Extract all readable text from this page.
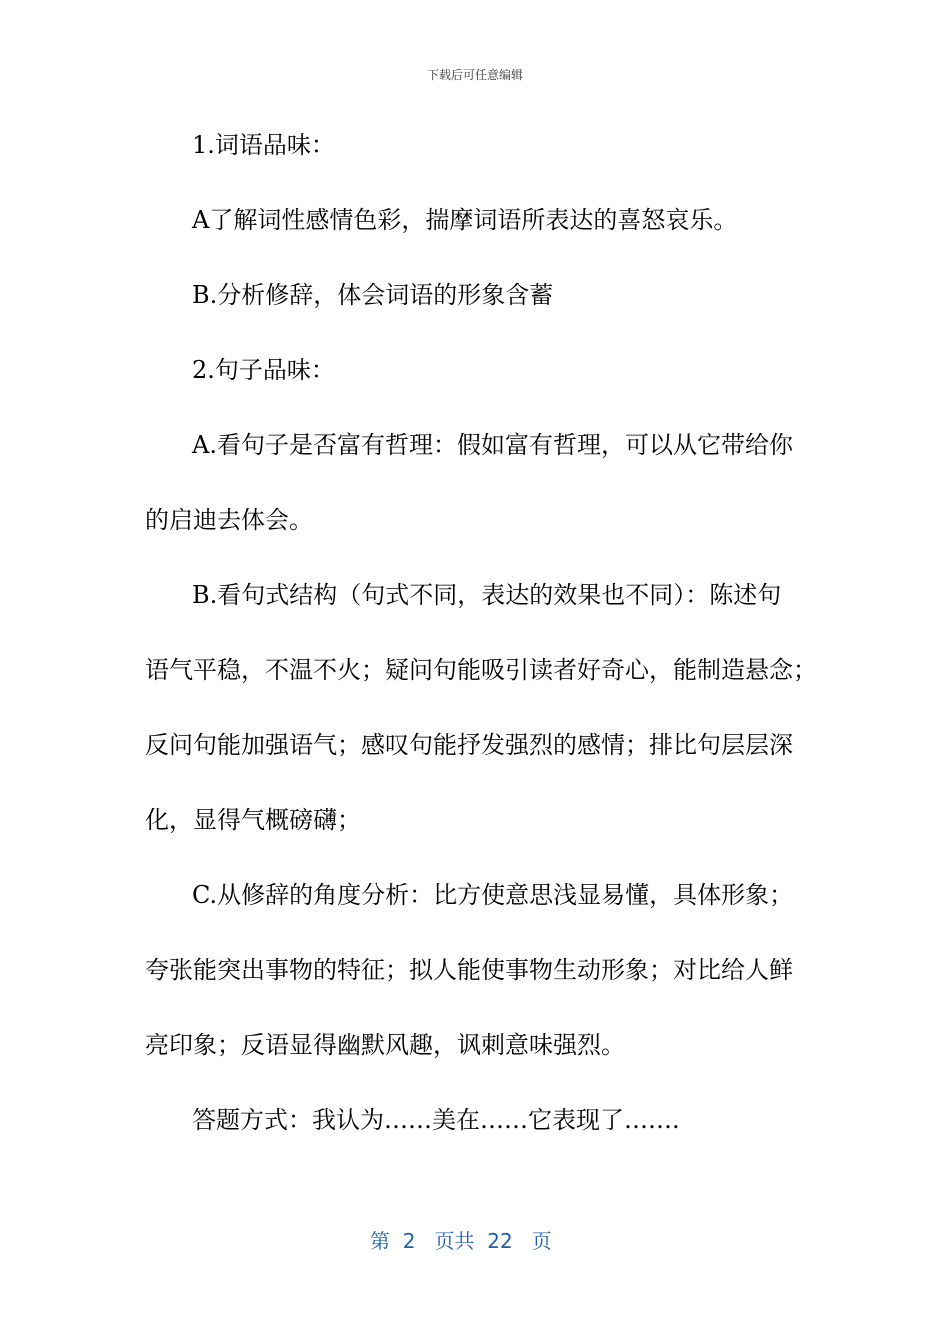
下载后可任意编辑
1.词语品味：
A了解词性感情色彩，揣摩词语所表达的喜怒哀乐。
B.分析修辞，体会词语的形象含蓄
2.句子品味：
A.看句子是否富有哲理：假如富有哲理，可以从它带给你
的启迪去体会。
B.看句式结构（句式不同，表达的效果也不同）：陈述句
语气平稳，不温不火；疑问句能吸引读者好奇心，能制造悬念；
反问句能加强语气；感叹句能抒发强烈的感情；排比句层层深
化，显得气概磅礴；
C.从修辞的角度分析：比方使意思浅显易懂，具体形象；
夸张能突出事物的特征；拟人能使事物生动形象；对比给人鲜
亮印象；反语显得幽默风趣，讽刺意味强烈。
答题方式：我认为……美在……它表现了…….
第 2 页共 22 页
